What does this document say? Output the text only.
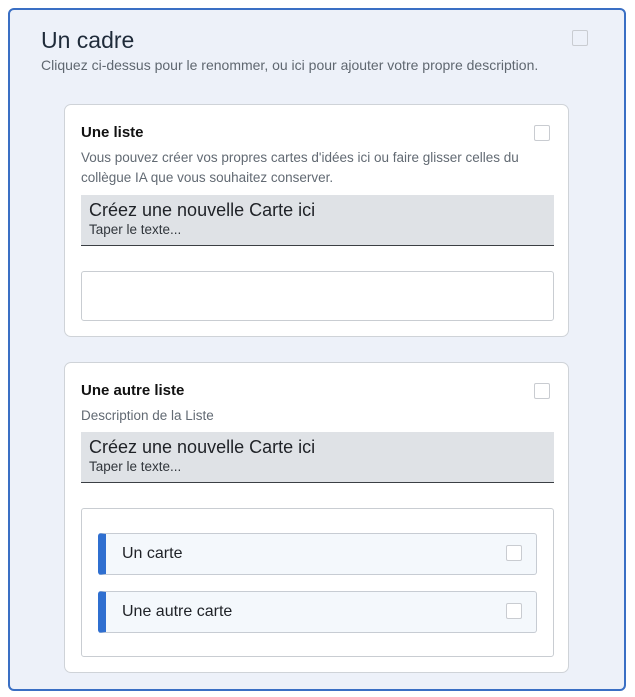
Un cadre
Cliquez ci-dessus pour le renommer, ou ici pour ajouter votre propre description.
Une liste
Vous pouvez créer vos propres cartes d'idées ici ou faire glisser celles du collègue IA que vous souhaitez conserver.
Créez une nouvelle Carte ici
Taper le texte...
Une autre liste
Description de la Liste
Créez une nouvelle Carte ici
Taper le texte...
Un carte
Une autre carte
